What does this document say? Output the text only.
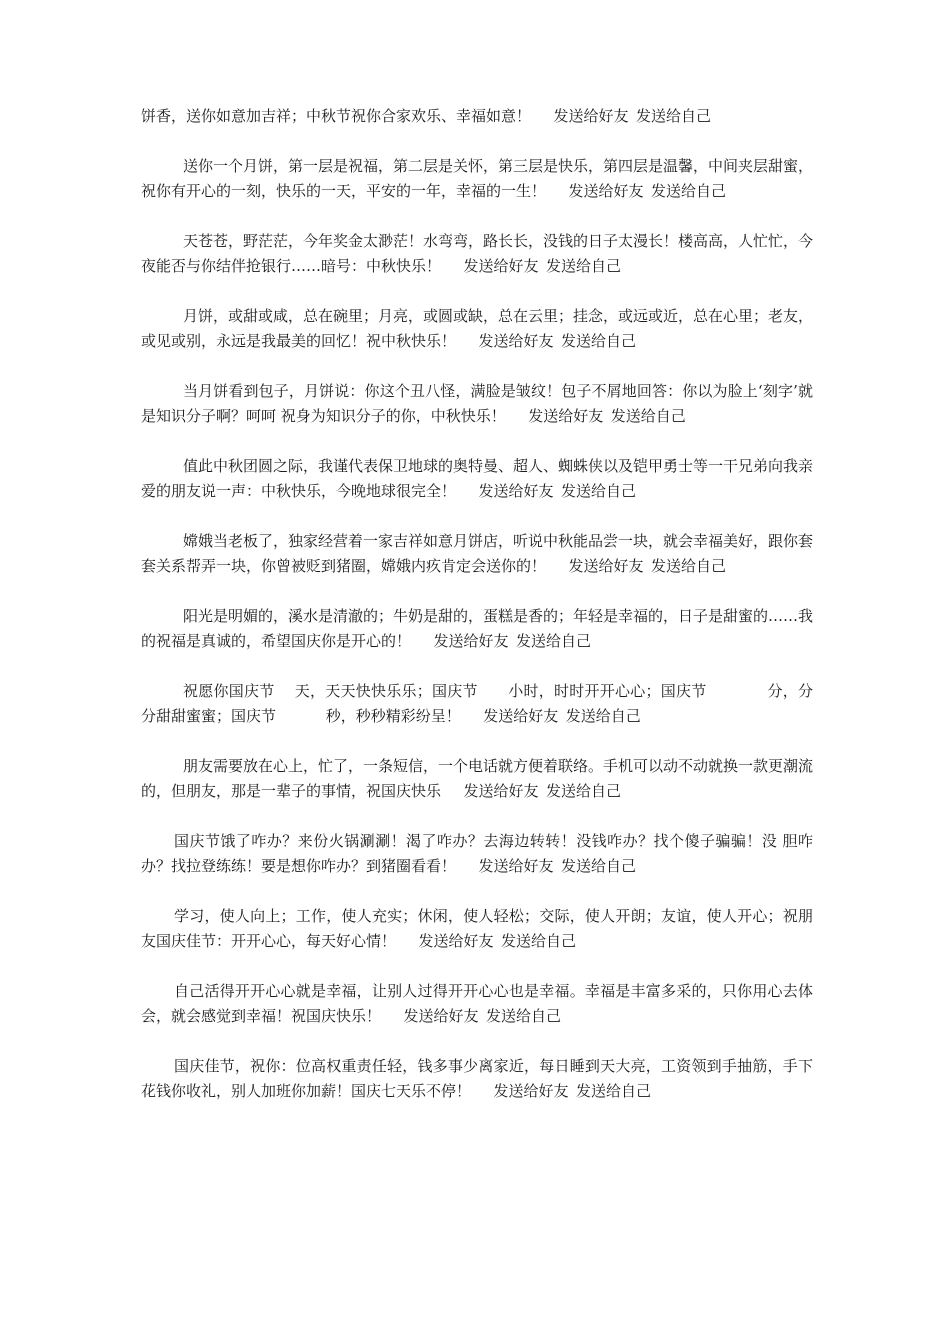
饼香，送你如意加吉祥；中秋节祝你合家欢乐、幸福如意！ 发送给好友 发送给自己

送你一个月饼，第一层是祝福，第二层是关怀，第三层是快乐，第四层是温馨，中间夹层甜蜜，祝你有开心的一刻，快乐的一天，平安的一年，幸福的一生！ 发送给好友 发送给自己

天苍苍，野茫茫，今年奖金太渺茫！水弯弯，路长长，没钱的日子太漫长！楼高高，人忙忙，今夜能否与你结伴抢银行……暗号：中秋快乐！ 发送给好友 发送给自己

月饼，或甜或咸，总在碗里；月亮，或圆或缺，总在云里；挂念，或远或近，总在心里；老友，或见或别，永远是我最美的回忆！祝中秋快乐！ 发送给好友 发送给自己

当月饼看到包子，月饼说：你这个丑八怪，满脸是皱纹！包子不屑地回答：你以为脸上‘刻字’就是知识分子啊？呵呵 祝身为知识分子的你，中秋快乐！ 发送给好友 发送给自己

值此中秋团圆之际，我谨代表保卫地球的奥特曼、超人、蜘蛛侠以及铠甲勇士等一干兄弟向我亲爱的朋友说一声：中秋快乐，今晚地球很完全！ 发送给好友 发送给自己

嫦娥当老板了，独家经营着一家吉祥如意月饼店，听说中秋能品尝一块，就会幸福美好，跟你套套关系帮弄一块，你曾被贬到猪圈，嫦娥内疚肯定会送你的！ 发送给好友 发送给自己

阳光是明媚的，溪水是清澈的；牛奶是甜的，蛋糕是香的；年轻是幸福的，日子是甜蜜的……我的祝福是真诚的，希望国庆你是开心的！ 发送给好友 发送给自己

祝愿你国庆节　 天，天天快快乐乐；国庆节　　小时，时时开开心心；国庆节　　　　分，分分甜甜蜜蜜；国庆节　　　 秒，秒秒精彩纷呈！ 发送给好友 发送给自己

朋友需要放在心上，忙了，一条短信，一个电话就方便着联络。手机可以动不动就换一款更潮流的，但朋友，那是一辈子的事情，祝国庆快乐 发送给好友 发送给自己

国庆节饿了咋办？来份火锅涮涮！渴了咋办？去海边转转！没钱咋办？找个傻子骗骗！没 胆咋办？找拉登练练！要是想你咋办？到猪圈看看！ 发送给好友 发送给自己

学习，使人向上；工作，使人充实；休闲，使人轻松；交际，使人开朗；友谊，使人开心；祝朋友国庆佳节：开开心心，每天好心情！ 发送给好友 发送给自己

自己活得开开心心就是幸福，让别人过得开开心心也是幸福。幸福是丰富多采的，只你用心去体会，就会感觉到幸福！祝国庆快乐！ 发送给好友 发送给自己

国庆佳节，祝你：位高权重责任轻，钱多事少离家近，每日睡到天大亮，工资领到手抽筋，手下花钱你收礼，别人加班你加薪！国庆七天乐不停！ 发送给好友 发送给自己
